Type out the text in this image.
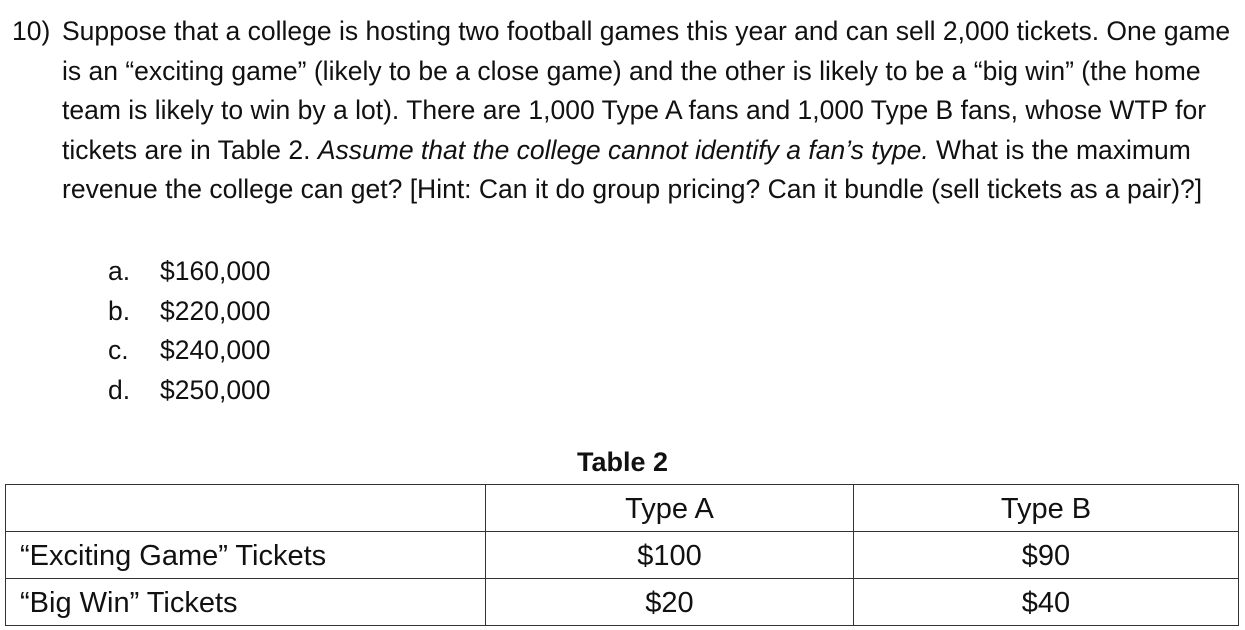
10) Suppose that a college is hosting two football games this year and can sell 2,000 tickets. One game is an “exciting game” (likely to be a close game) and the other is likely to be a “big win” (the home team is likely to win by a lot). There are 1,000 Type A fans and 1,000 Type B fans, whose WTP for tickets are in Table 2. Assume that the college cannot identify a fan’s type. What is the maximum revenue the college can get? [Hint: Can it do group pricing? Can it bundle (sell tickets as a pair)?]
a.	$160,000
b.	$220,000
c.	$240,000
d.	$250,000
Table 2
	Type A	Type B
“Exciting Game” Tickets	$100	$90
“Big Win” Tickets	$20	$40
